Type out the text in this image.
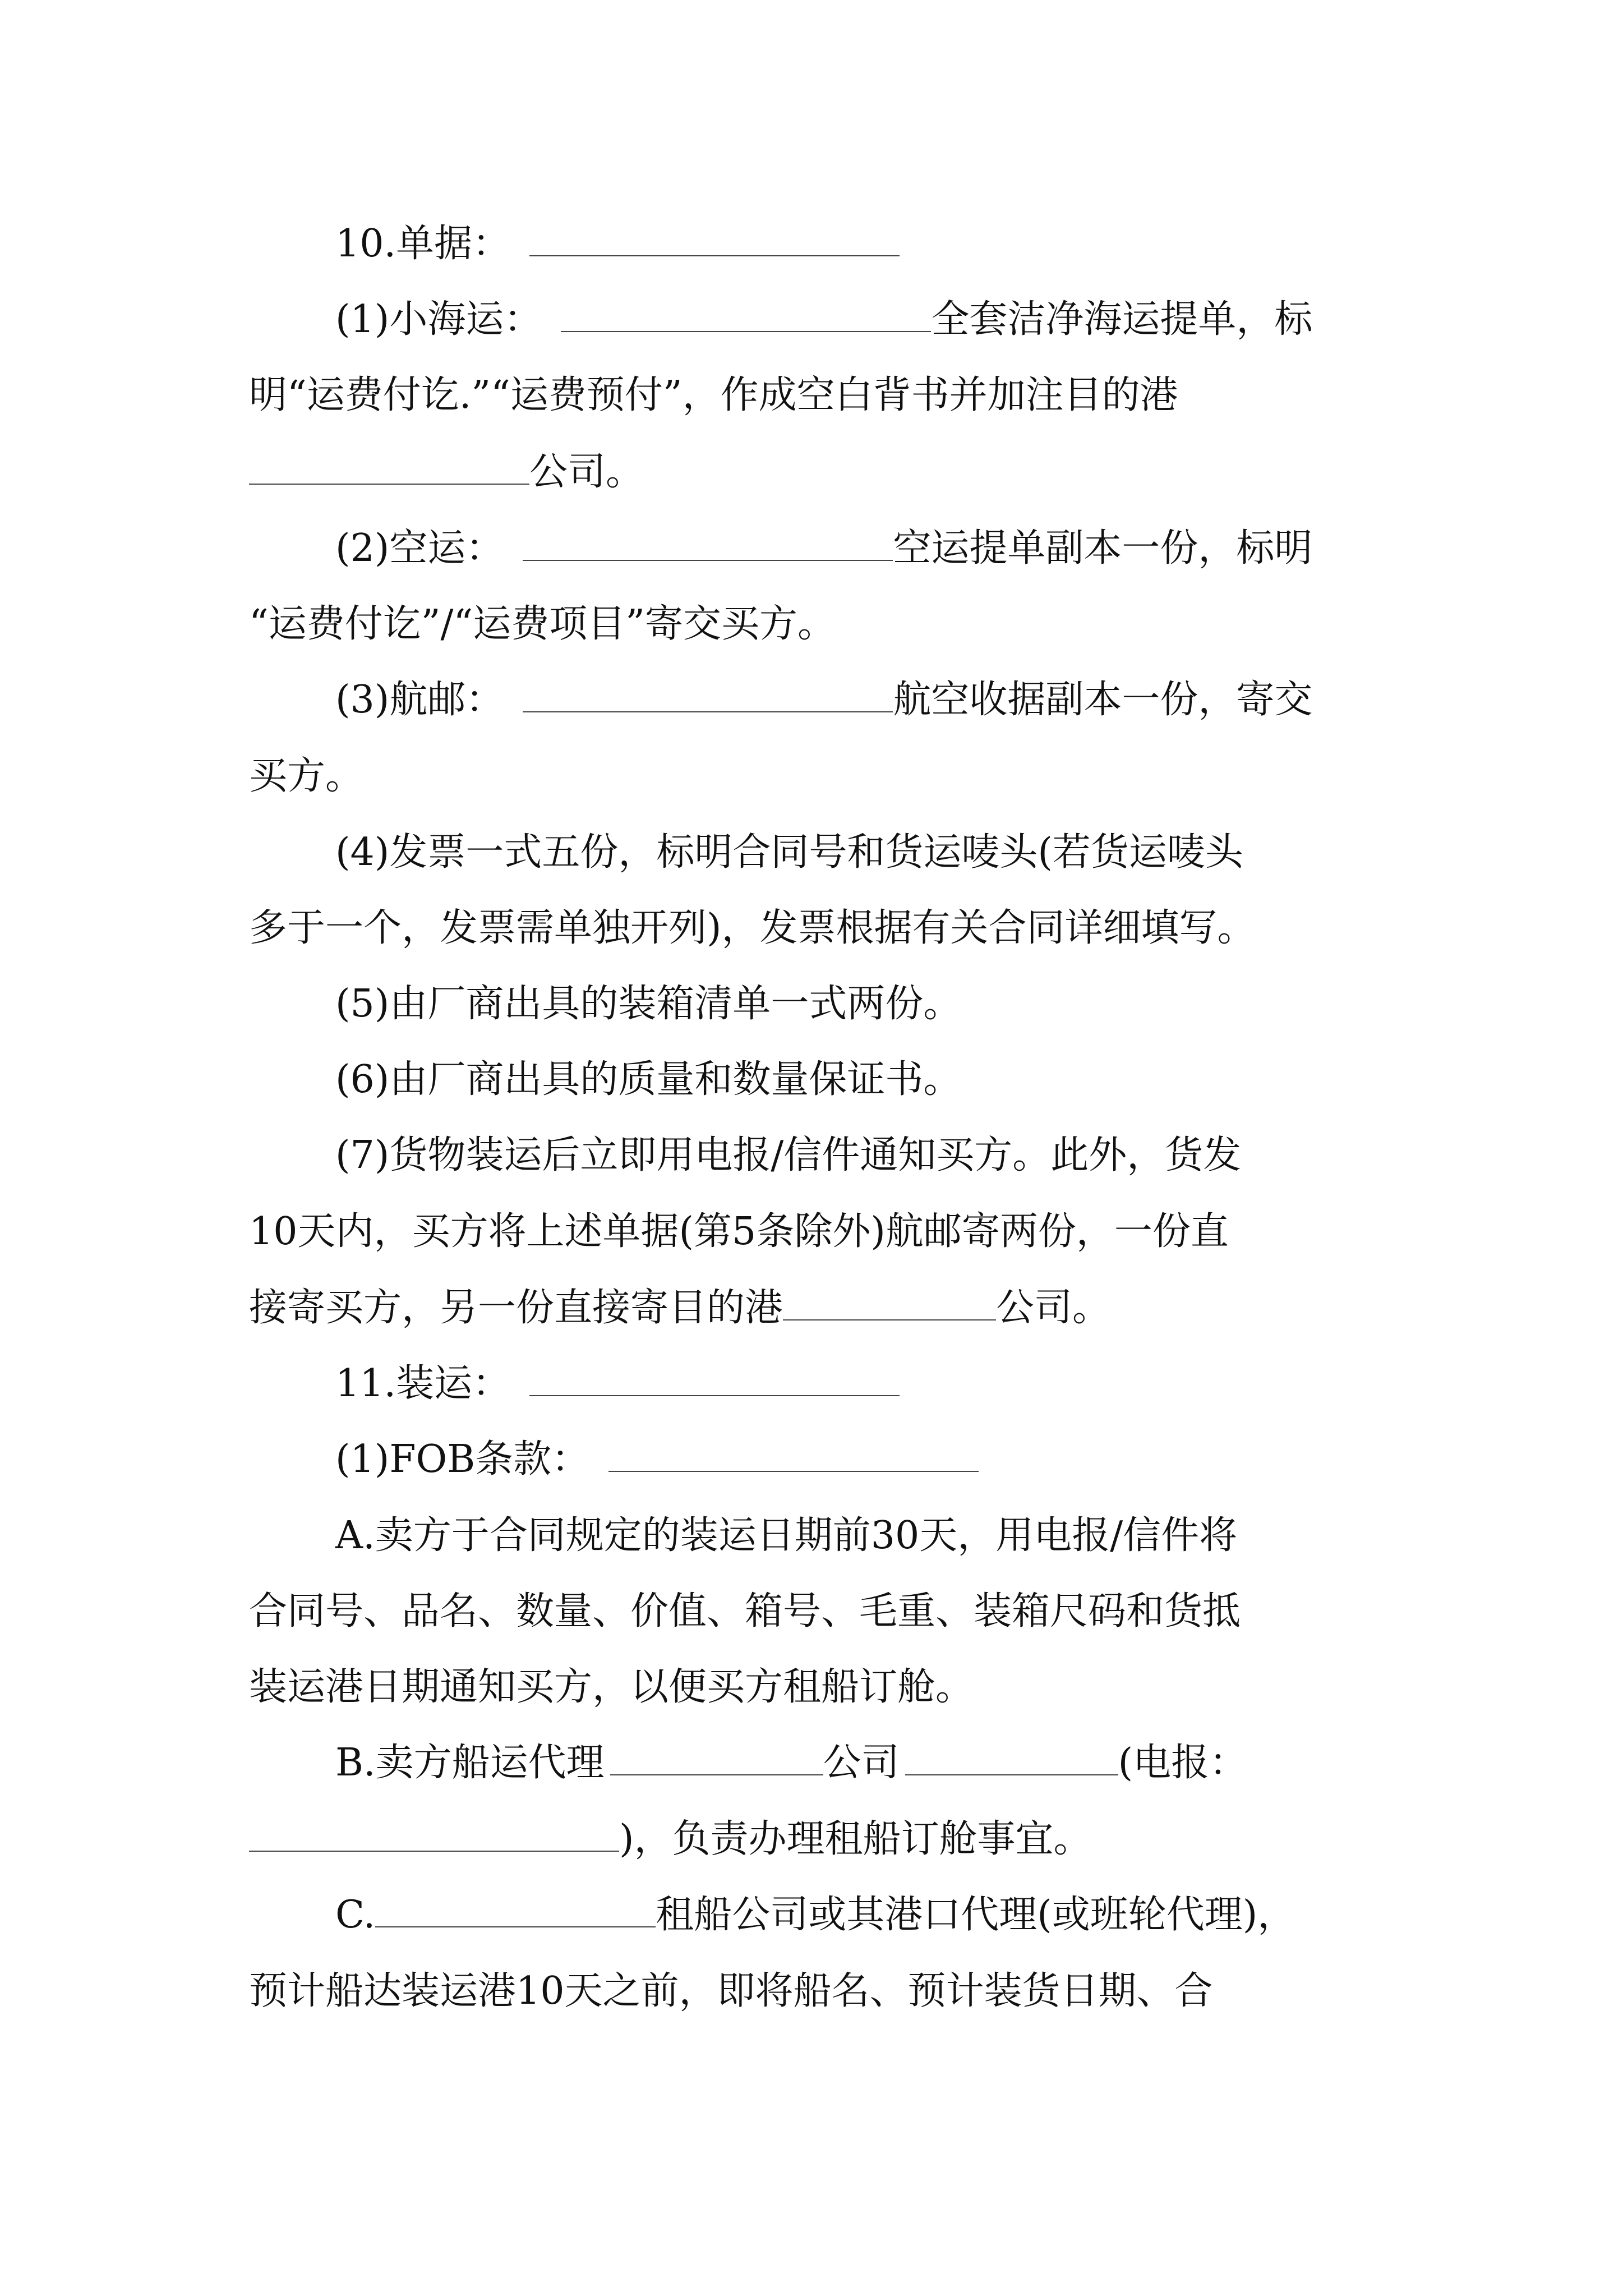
10.单据：
(1)小海运：	全套洁净海运提单，标
明“运费付讫.”“运费预付”，作成空白背书并加注目的港
公司。
(2)空运：	空运提单副本一份，标明
“运费付讫”/“运费项目”寄交买方。
(3)航邮：	航空收据副本一份，寄交
买方。
(4)发票一式五份，标明合同号和货运唛头(若货运唛头
多于一个，发票需单独开列)，发票根据有关合同详细填写。
(5)由厂商出具的装箱清单一式两份。
(6)由厂商出具的质量和数量保证书。
(7)货物装运后立即用电报/信件通知买方。此外，货发
10天内，买方将上述单据(第5条除外)航邮寄两份，一份直
接寄买方，另一份直接寄目的港	公司。
11.装运：
(1)FOB条款：
A.卖方于合同规定的装运日期前30天，用电报/信件将
合同号、品名、数量、价值、箱号、毛重、装箱尺码和货抵
装运港日期通知买方，以便买方租船订舱。
B.卖方船运代理	公司	(电报：
)，负责办理租船订舱事宜。
C.	租船公司或其港口代理(或班轮代理)，
预计船达装运港10天之前，即将船名、预计装货日期、合
